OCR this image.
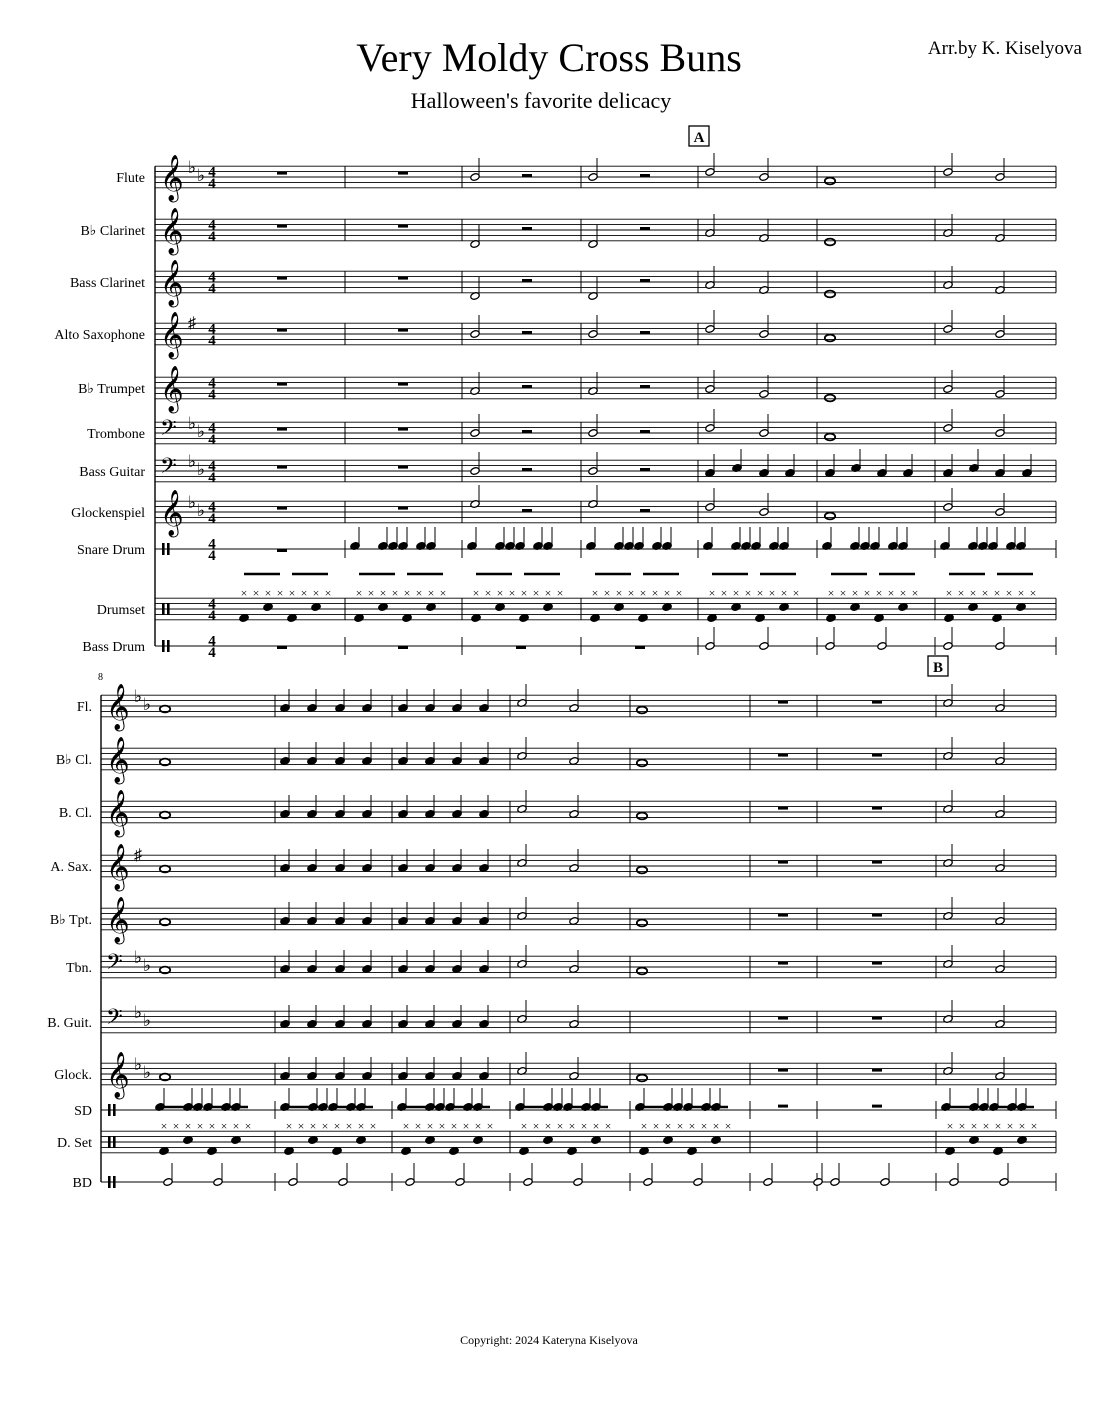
Very Moldy Cross Buns
Halloween's favorite delicacy
Arr.by K. Kiselyova
Flute 𝄞 ♭ ♭ 4
4
B♭ Clarinet 𝄞 4
4
Bass Clarinet 𝄞 4
4
Alto Saxophone 𝄞 ♯ 4
4
B♭ Trumpet 𝄞 4
4
Trombone 𝄢 ♭ ♭ 4
4
Bass Guitar 𝄢 ♭ ♭ 4
4
Glockenspiel 𝄞 ♭ ♭ 4
4
Snare Drum	4
4
Drumset	4
4
Bass Drum	4
4
× × × × × × × × × × × × × × × × × × × × × × × × × × × × × × × × × × × × × × × × × × × × × × × × × × × × × × × ×
A
Fl. 𝄞 ♭ ♭
B♭ Cl. 𝄞
B. Cl. 𝄞
A. Sax. 𝄞 ♯
B♭ Tpt. 𝄞
Tbn. 𝄢 ♭ ♭
B. Guit. 𝄢 ♭ ♭
Glock. 𝄞 ♭ ♭
SD
D. Set
BD
8
× × × × × × × ×	× × × × × × × × × × × × × × × × × × × × × × × × × × × × × × × ×	× × × × × × × ×
B
Copyright: 2024 Kateryna Kiselyova
